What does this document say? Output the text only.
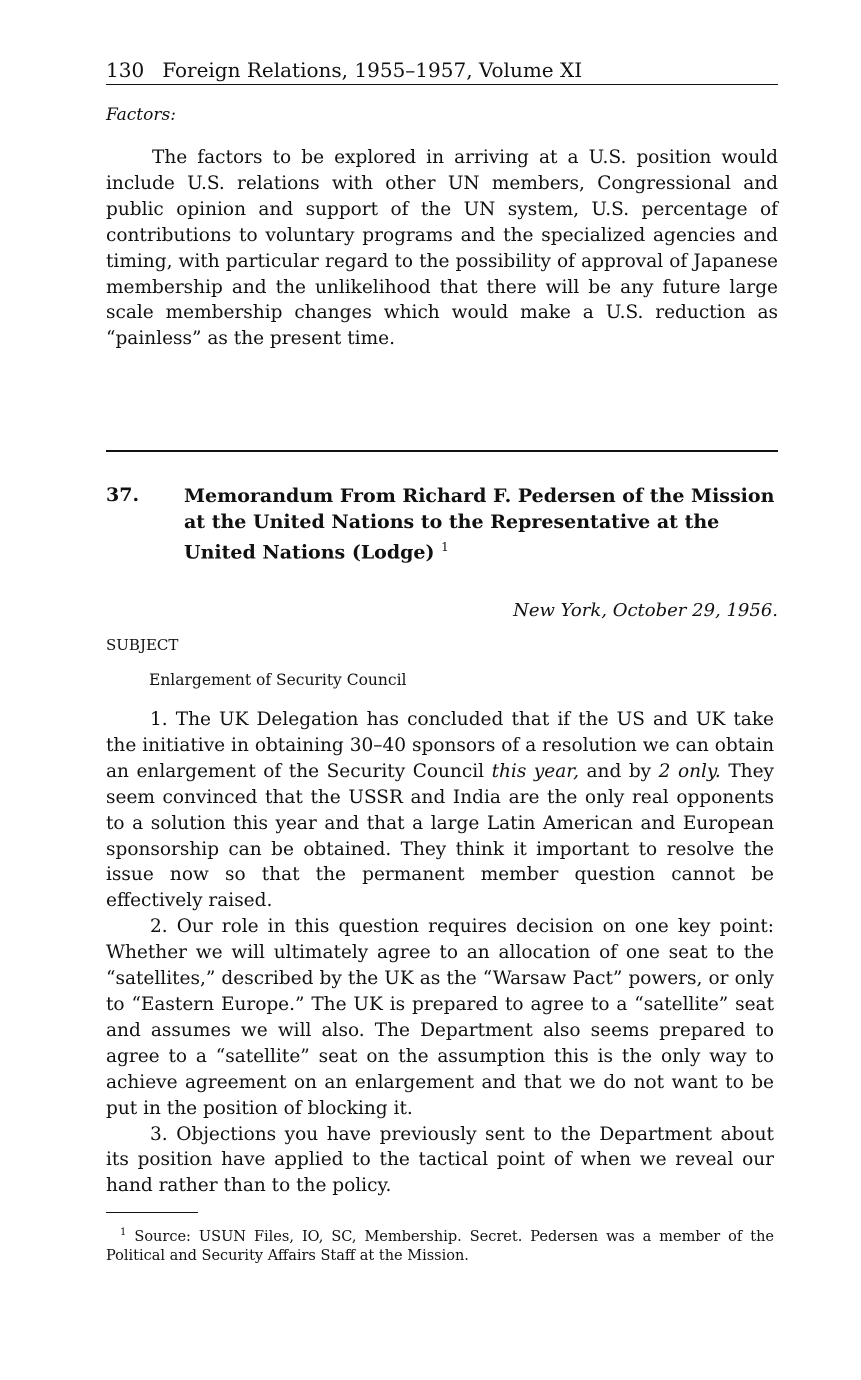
130 Foreign Relations, 1955–1957, Volume XI
Factors:

The factors to be explored in arriving at a U.S. position would include U.S. relations with other UN members, Congressional and public opinion and support of the UN system, U.S. percentage of contributions to voluntary programs and the specialized agencies and timing, with particular regard to the possibility of approval of Japanese membership and the unlikelihood that there will be any future large scale membership changes which would make a U.S. reduction as “painless” as the present time.

37. Memorandum From Richard F. Pedersen of the Mission at the United Nations to the Representative at the United Nations (Lodge) $^1$
New York, October 29, 1956.
SUBJECT
Enlargement of Security Council

1. The UK Delegation has concluded that if the US and UK take the initiative in obtaining 30–40 sponsors of a resolution we can obtain an enlargement of the Security Council this year, and by 2 only. They seem convinced that the USSR and India are the only real opponents to a solution this year and that a large Latin American and European sponsorship can be obtained. They think it important to resolve the issue now so that the permanent member question cannot be effectively raised.

2. Our role in this question requires decision on one key point: Whether we will ultimately agree to an allocation of one seat to the “satellites,” described by the UK as the “Warsaw Pact” powers, or only to “Eastern Europe.” The UK is prepared to agree to a “satellite” seat and assumes we will also. The Department also seems prepared to agree to a “satellite” seat on the assumption this is the only way to achieve agreement on an enlargement and that we do not want to be put in the position of blocking it.

3. Objections you have previously sent to the Department about its position have applied to the tactical point of when we reveal our hand rather than to the policy.

$^1$ Source: USUN Files, IO, SC, Membership. Secret. Pedersen was a member of the Political and Security Affairs Staff at the Mission.
